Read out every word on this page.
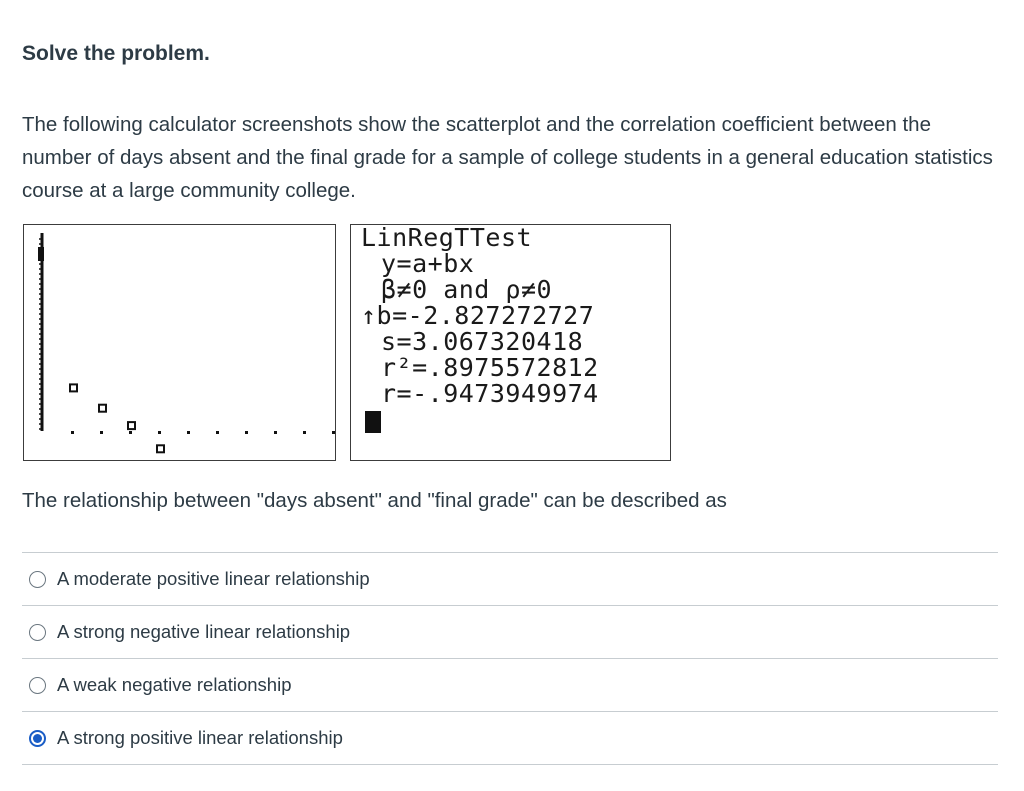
Solve the problem.

The following calculator screenshots show the scatterplot and the correlation coefficient between the number of days absent and the final grade for a sample of college students in a general education statistics course at a large community college.

LinRegTTest
y=a+bx
β≠0 and ρ≠0
↑b=-2.827272727
s=3.067320418
r²=.8975572812
r=-.9473949974

The relationship between "days absent" and "final grade" can be described as

A moderate positive linear relationship
A strong negative linear relationship
A weak negative relationship
A strong positive linear relationship
